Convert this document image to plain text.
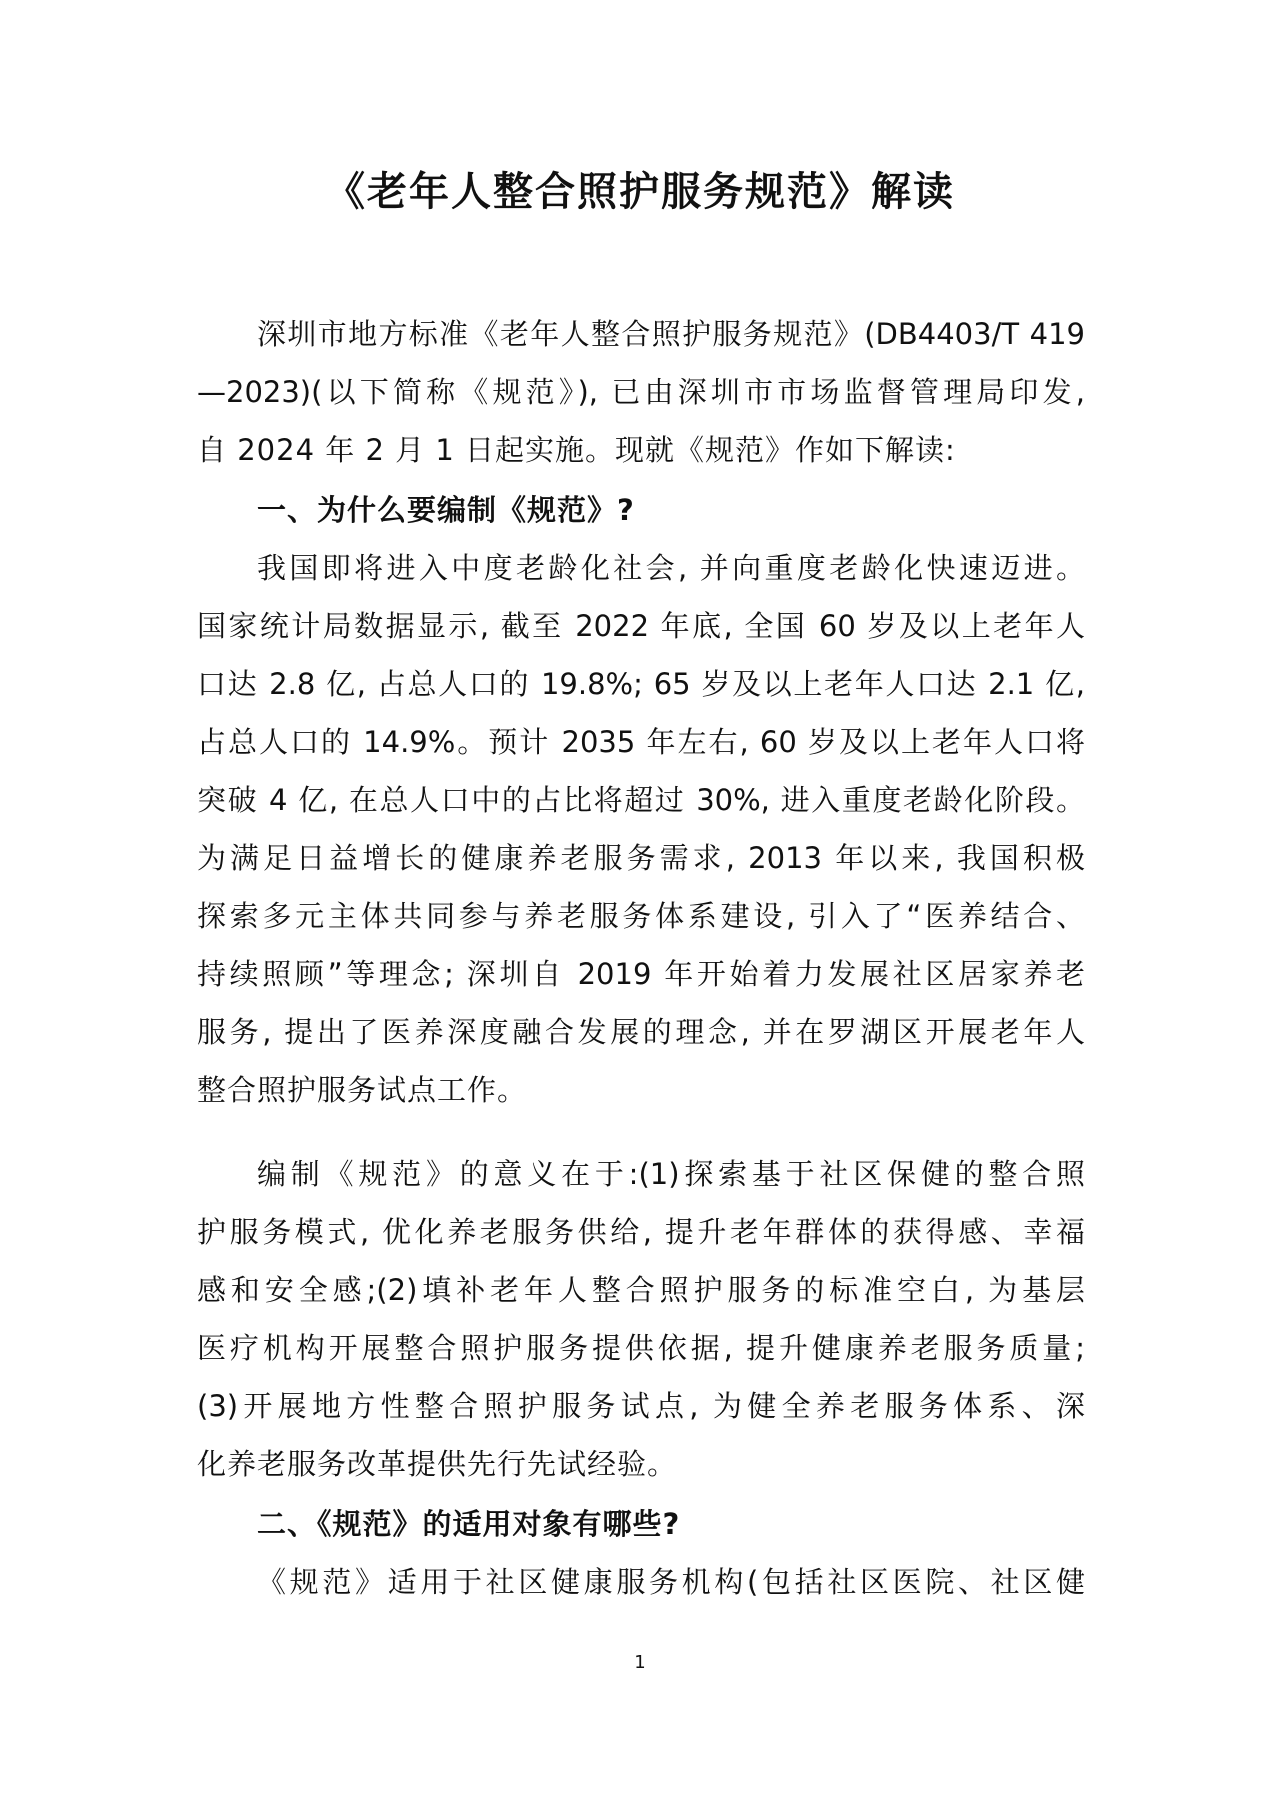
《老年人整合照护服务规范》解读
深圳市地方标准《老年人整合照护服务规范》(DB4403/T 419
—2023)(以下简称《规范》), 已由深圳市市场监督管理局印发,
自 2024 年 2 月 1 日起实施。现就《规范》作如下解读:
一、为什么要编制《规范》?
我国即将进入中度老龄化社会, 并向重度老龄化快速迈进。
国家统计局数据显示, 截至 2022 年底, 全国 60 岁及以上老年人
口达 2.8 亿, 占总人口的 19.8%; 65 岁及以上老年人口达 2.1 亿,
占总人口的 14.9%。预计 2035 年左右, 60 岁及以上老年人口将
突破 4 亿, 在总人口中的占比将超过 30%, 进入重度老龄化阶段。
为满足日益增长的健康养老服务需求, 2013 年以来, 我国积极
探索多元主体共同参与养老服务体系建设, 引入了“医养结合、
持续照顾”等理念; 深圳自 2019 年开始着力发展社区居家养老
服务, 提出了医养深度融合发展的理念, 并在罗湖区开展老年人
整合照护服务试点工作。
编制《规范》的意义在于:(1)探索基于社区保健的整合照
护服务模式, 优化养老服务供给, 提升老年群体的获得感、幸福
感和安全感;(2)填补老年人整合照护服务的标准空白, 为基层
医疗机构开展整合照护服务提供依据, 提升健康养老服务质量;
(3)开展地方性整合照护服务试点, 为健全养老服务体系、深
化养老服务改革提供先行先试经验。
二、《规范》的适用对象有哪些?
《规范》适用于社区健康服务机构(包括社区医院、社区健
1
